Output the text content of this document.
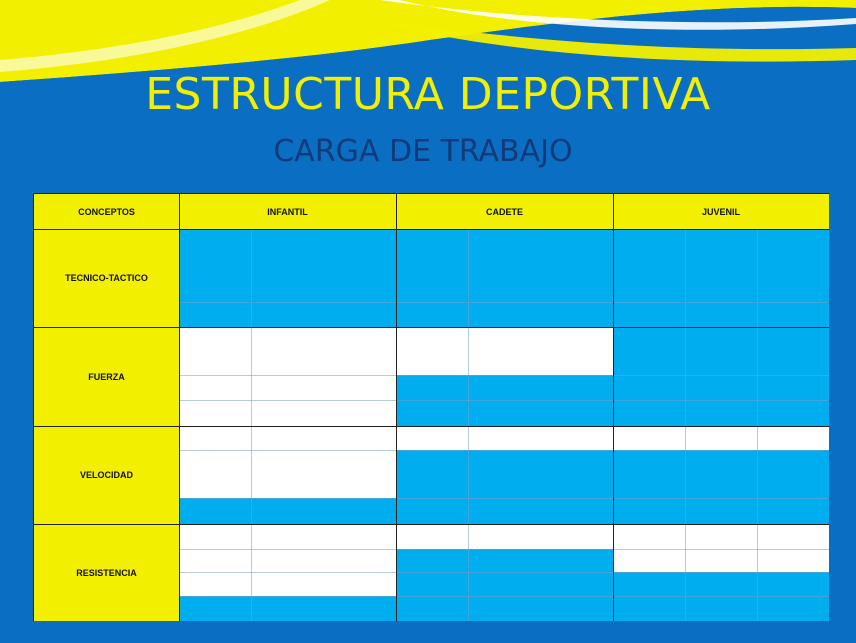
ESTRUCTURA DEPORTIVA
CARGA DE TRABAJO
CONCEPTOS	INFANTIL	CADETE	JUVENIL
TECNICO-TACTICO
FUERZA
VELOCIDAD
RESISTENCIA
